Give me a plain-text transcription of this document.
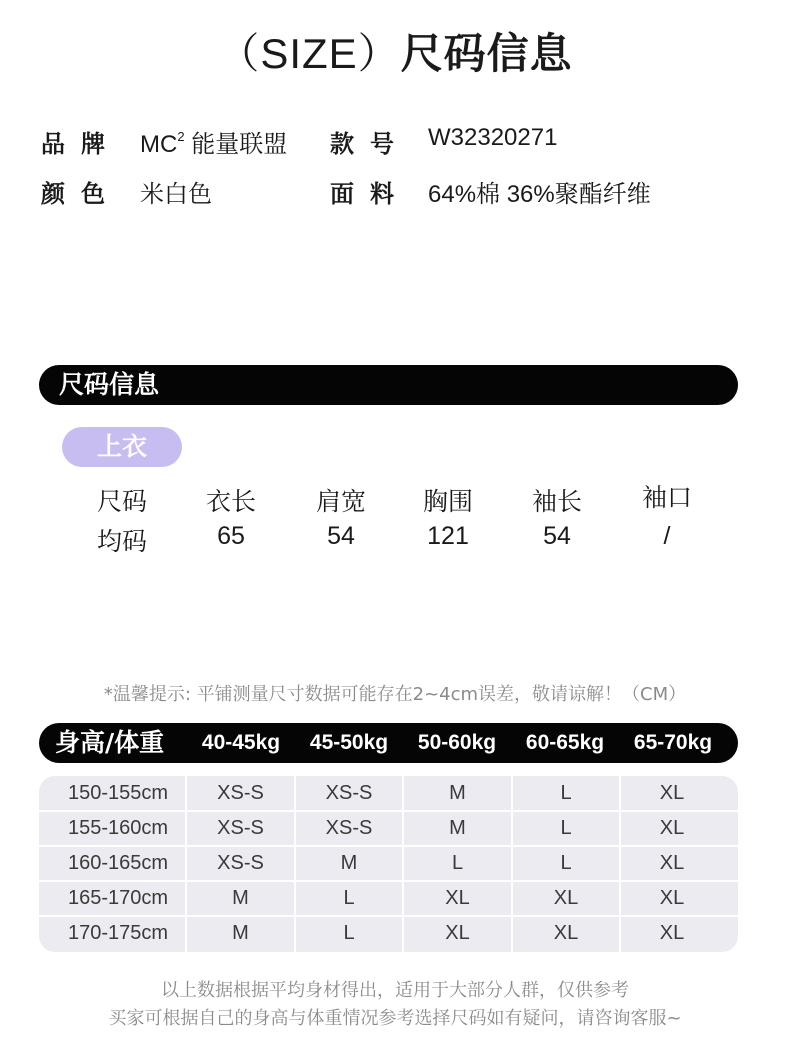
（SIZE）尺码信息
品牌 $MC^2$ 能量联盟 款号 W32320271
颜色 米白色	面料 64%棉 36%聚酯纤维
尺码信息
上衣
尺码	衣长	肩宽	胸围	袖长	袖口
均码	65	54	121	54	/
*温馨提示: 平铺测量尺寸数据可能存在2~4cm误差，敬请谅解！（CM）
身高/体重	40-45kg	45-50kg	50-60kg	60-65kg	65-70kg
150-155cm	XS-S	XS-S	M	L	XL
155-160cm	XS-S	XS-S	M	L	XL
160-165cm	XS-S	M	L	L	XL
165-170cm	M	L	XL	XL	XL
170-175cm	M	L	XL	XL	XL
以上数据根据平均身材得出，适用于大部分人群，仅供参考
买家可根据自己的身高与体重情况参考选择尺码如有疑问，请咨询客服~
